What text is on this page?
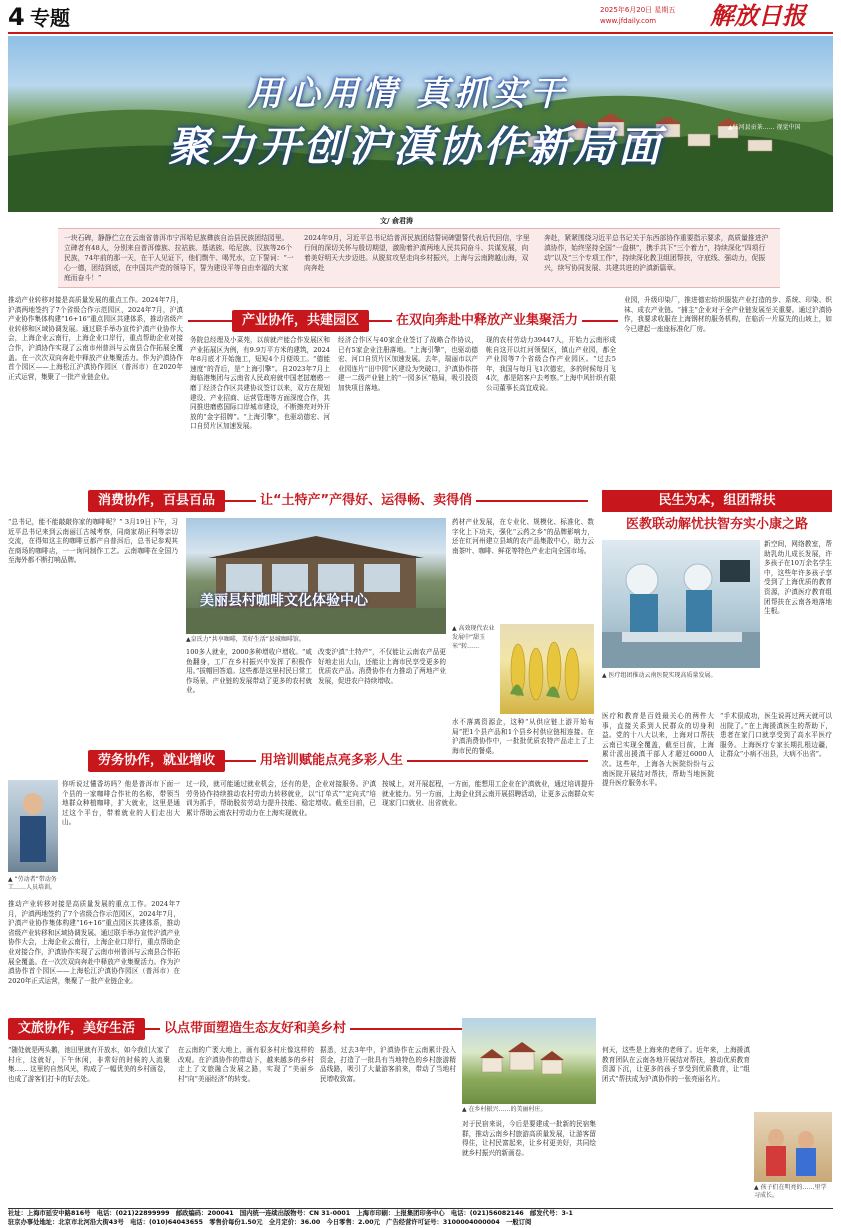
4 专题	2025年6月20日 星期五
www.jfdaily.com 解放日报
用心用情 真抓实干
聚力开创沪滇协作新局面	▲红河县贡茶…… 视觉中国
文/ 俞君涛
一块石碑，静静伫立在云南省普洱市宁洱哈尼族彝族自治县民族团结园里。立碑者有48人，分别来自普洱傣族、拉祜族、基诺族、哈尼族、汉族等26个民族，74年前的那一天，在干人见证下，他们剽牛、喝咒水，立下誓词：“一心一德，团结到底，在中国共产党的领导下，誓为建设平等自由幸福的大家庭而奋斗！”
2024年9月，习近平总书记给普洱民族团结誓词碑盟誓代表后代回信，字里行间的深切关怀与殷切期望，激励着沪滇两地人民共同奋斗、共谋发展，向着美好明天大步迈进。从脱贫攻坚走向乡村振兴，上海与云南跨越山海，双向奔赴
奔赴，紧紧围绕习近平总书记关于东西部协作重要指示要求，高质量推进沪滇协作，始终坚持全国“一盘棋”，携手共下“三个着力”，持续深化“四项行动”以及“三个专项工作”，持续深化教卫组团帮扶，守底线、强动力，促振兴，续写协同发展、共建共进的沪滇新篇章。
推动产业转移对接是高质量发展的重点工作。2024年7月，沪滇两地签约了7个省级合作示范园区，2024年7月，沪滇产业协作集体构建“16+16”重点园区共建体系，推动省级产业转移和区域协调发展。通过联手举办宣传沪滇产业协作大会，上海企业云南行，上海企业口岸行，重点帮助企业对接合作，沪滇协作实现了云南市州普洱与云南县合作拓展全覆盖。在一次次双向奔赴中释放产业集聚活力。作为沪滇协作首个园区——上海松江沪滇协作园区（普洱市）在2020年正式运营，集聚了一批产业链企业。
产业协作，共建园区	在双向奔赴中释放产业集聚活力
务院总经理及小菜苑，以前就产能合作发展区和产业拓展区为例，有9.9万平方米的建筑，2024年8月底才开始施工，短短4个月便竣工。“德能速度”的背后，是“上海引擎”。自2023年7月上海临港集团与云南省人民政府就中国老挝磨憨一磨丁经济合作区共建协议签订以来，双方在规划建设、产业招商、运营管理等方面深度合作，共同推进磨憨国际口岸城市建设，不断擦亮对外开放的“金字招牌”。“上海引擎”，也驱动德宏、河口自贸片区加速发展。
经济合作区与40家企业签订了战略合作协议，已有5家企业注册落地。“上海引擎”，也驱动德宏、河口自贸片区加速发展。去年，瑞丽市以产业园连片“田中园”区建设为突破口，沪滇协作搭建一二级产业链上的“一园多区”格局，吸引投资加快项目落地。
现的农村劳动力39447人，开始力云南形成帐自这开以红河领保区，镇山产业园，都全产业园等7个省级合作产业园区。“过去5年，我国与每月飞1次德宏，多的时候每月飞4次，都是陪客户去考察。”上海中风针织有限公司董事长高宜成说。
业园，升级印染厂，推进德宏纺织服装产业打造的步、系统、印染、织袜、成衣产业链。“捕主”企业对于全产业链发展至关重要。通过沪滇协作，我要求收服在上海钢材的服务机构，在临沂一片原先的山坡上，如今已建起一座座标准化厂房。
消费协作，百县百品	让“土特产”产得好、运得畅、卖得俏
“总书记，能不能敲敲你家的咖啡呢？” 3月19日下午，习近平总书记来到云南丽江古城考察，同商家胡正科等亲切交流，在得知这主的咖啡豆都产自普洱后，总书记参观其在商场的咖啡店，一一询问制作工艺。云南咖啡在全国乃至海外都不断打响品牌。
美丽县村咖啡文化体验中心
▲皇氏力“共享咖啡，美好生活”县城咖啡馆。
100多人就业，2000多种增收户增收。“咸鱼翻身，工厂在乡村振兴中发挥了积极作用。”拔帽回答道。这些都是这里村民日常工作场景，产业链的发展带动了更多的农村就业。
改变沪滇“土特产”，不仅能让云南农产品更好地走出大山，还能让上海市民享受更多的优质农产品。消费协作有力推动了两地产业发展，促进农户持续增收。
药材产业发展，在专业化、规模化、标准化、数字化上下功夫，强化“云药之乡”的品牌影响力，还在红河州建立县域的农产品集散中心，助力云南茶叶、咖啡、鲜花等特色产业走向全国市场。
▲ 高效现代农业发展中“甜玉米”转……
水不落离资源企，这种“从供应链上游开始布局”把1个县产品和1个县乡村供应链相连接。在沪滇消费协作中，一批批优质农特产品走上了上海市民的餐桌。
民生为本，组团帮扶
医教联动解忧扶智夯实小康之路
新空间，网络教室，帮助乳幼儿成长发展，许多孩子在10万余名学生中，这些年许多孩子享受到了上海优质的教育资源，沪滇医疗教育组团帮扶在云南各地落地生根。
▲ 医疗组团推动云南医院实现高质量发展。
医疗和教育是百姓最关心的两件大事，直接关系到人民群众的切身利益。党的十八大以来，上海对口帮扶云南已实现全覆盖，截至目前，上海累计派出援滇干部人才超过6000人次。这些年，上海各大医院纷纷与云南医院开展结对帮扶，帮助当地医院提升医疗服务水平。
“手术很成功，医生说再过两天就可以出院了。”在上海援滇医生的帮助下，患者在家门口就享受到了高水平医疗服务。上海医疗专家长期扎根边疆，让群众“小病不出县，大病不出省”。
劳务协作，就业增收	用培训赋能点亮多彩人生
你听说过懂香坊吗？他是普洱市下面一个县的一家咖啡合作社的名称，带领当地群众种植咖啡，扩大就业，这里是通过这个平台，带着就业的人们走出大山。
▲ “劳动者”带动务工……人员培训。
过一段，就可能通过就业机会，还有的是，企业对接服务。沪滇劳务协作持续推动农村劳动力转移就业，以“订单式”“定向式”培训为抓手，帮助脱贫劳动力提升技能、稳定增收。截至目前，已累计帮助云南农村劳动力在上海实现就业。
按城上，对开展起程，一方面，能想用工企业在沪滇就业，通过培训提升就业能力。另一方面，上海企业到云南开展招聘活动，让更多云南群众实现家门口就业、出省就业。
推动产业转移对接是高质量发展的重点工作。2024年7月，沪滇两地签约了7个省级合作示范园区，2024年7月，沪滇产业协作集体构建“16+16”重点园区共建体系，推动省级产业转移和区域协调发展。通过联手举办宣传沪滇产业协作大会，上海企业云南行，上海企业口岸行，重点帮助企业对接合作，沪滇协作实现了云南市州普洱与云南县合作拓展全覆盖。在一次次双向奔赴中释放产业集聚活力。作为沪滇协作首个园区——上海松江沪滇协作园区（普洱市）在2020年正式运营，集聚了一批产业链企业。
文旅协作，美好生活	以点带面塑造生态友好和美乡村
“随处就是两头鹅，池田里就有开放水，如今我们大家了村庄，这就好，下午休闲，非常好的时候的人流聚集…… 这里的自然风光，构成了一幅优美的乡村画卷，也成了游客们打卡的好去处。
在云南的广袤大地上，画有很多村庄像这样的改观。在沪滇协作的带动下，越来越多的乡村走上了文旅融合发展之路，实现了“美丽乡村”向“美丽经济”的转变。
据悉，过去3年中，沪滇协作在云南累计投入资金，打造了一批具有当地特色的乡村旅游精品线路，吸引了大量游客前来，带动了当地村民增收致富。
▲ 在乡村振兴……的美丽村庄。
对于民宿来说，今后是要建成一批新的民宿集群，推动云南乡村旅游高质量发展，让游客留得住，让村民富起来，让乡村更美好，共同绘就乡村振兴的新画卷。
何天，这些是上海来的老师了。近年来，上海援滇教育团队在云南各地开展结对帮扶，推动优质教育资源下沉，让更多的孩子享受到优质教育，让“组团式”帮扶成为沪滇协作的一张亮丽名片。
▲ 孩子们在明亮的……里学习成长。
社址：上海市延安中路816号　电话：(021)22899999　邮政编码：200041　国内统一连续出版物号：CN 31-0001　上海市印刷：上报集团印务中心　电话：(021)56082146　邮发代号：3-1
驻京办事处地址：北京市北河沿大街43号　电话：(010)64043655　零售价每份1.50元　全月定价：36.00　今日零售：2.00元　广告经营许可证号：3100004000004　一般订阅
